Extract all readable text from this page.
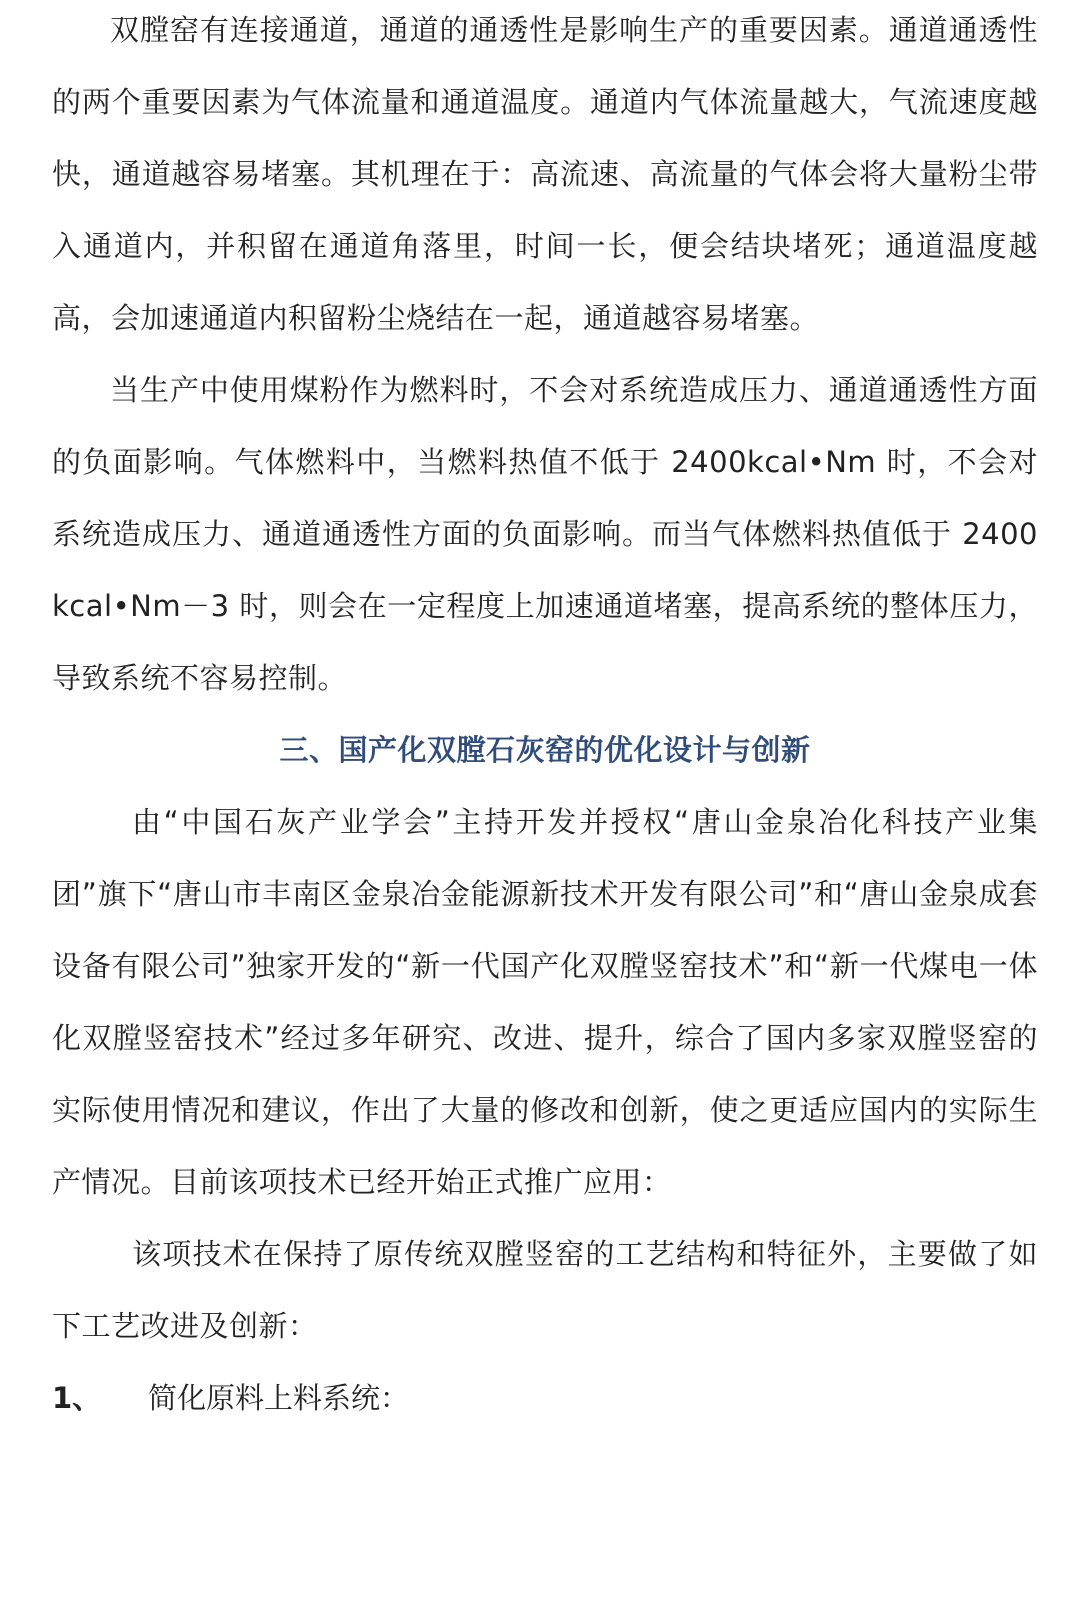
双膛窑有连接通道，通道的通透性是影响生产的重要因素。通道通透性的两个重要因素为气体流量和通道温度。通道内气体流量越大，气流速度越快，通道越容易堵塞。其机理在于：高流速、高流量的气体会将大量粉尘带入通道内，并积留在通道角落里，时间一长，便会结块堵死；通道温度越高，会加速通道内积留粉尘烧结在一起，通道越容易堵塞。

当生产中使用煤粉作为燃料时，不会对系统造成压力、通道通透性方面的负面影响。气体燃料中，当燃料热值不低于 2400kcal•Nm 时，不会对系统造成压力、通道通透性方面的负面影响。而当气体燃料热值低于 2400kcal•Nm－3 时，则会在一定程度上加速通道堵塞，提高系统的整体压力，导致系统不容易控制。

三、国产化双膛石灰窑的优化设计与创新

由“中国石灰产业学会”主持开发并授权“唐山金泉冶化科技产业集团”旗下“唐山市丰南区金泉冶金能源新技术开发有限公司”和“唐山金泉成套设备有限公司”独家开发的“新一代国产化双膛竖窑技术”和“新一代煤电一体化双膛竖窑技术”经过多年研究、改进、提升，综合了国内多家双膛竖窑的实际使用情况和建议，作出了大量的修改和创新，使之更适应国内的实际生产情况。目前该项技术已经开始正式推广应用：

该项技术在保持了原传统双膛竖窑的工艺结构和特征外，主要做了如下工艺改进及创新：

1、	简化原料上料系统：
